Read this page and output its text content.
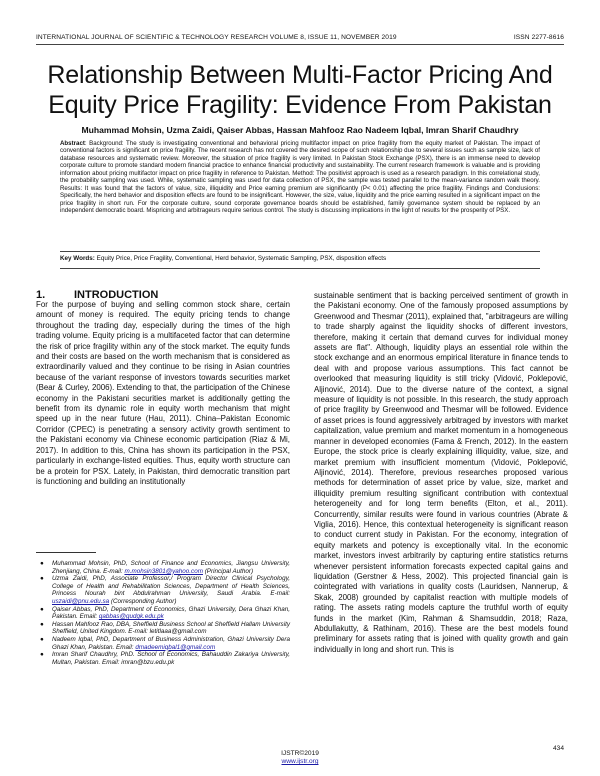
INTERNATIONAL JOURNAL OF SCIENTIFIC & TECHNOLOGY RESEARCH VOLUME 8, ISSUE 11, NOVEMBER 2019	ISSN 2277-8616
Relationship Between Multi-Factor Pricing And Equity Price Fragility: Evidence From Pakistan
Muhammad Mohsin, Uzma Zaidi, Qaiser Abbas, Hassan Mahfooz Rao Nadeem Iqbal, Imran Sharif Chaudhry
Abstract: Background: The study is investigating conventional and behavioral pricing multifactor impact on price fragility from the equity market of Pakistan. The impact of conventional factors is significant on price fragility. The recent research has not covered the desired scope of such relationship due to several issues such as sample size, lack of database resources and systematic review. Moreover, the situation of price fragility is very limited. In Pakistan Stock Exchange (PSX), there is an immense need to develop corporate culture to promote standard modern financial practice to enhance financial productivity and sustainability. The current research framework is valuable and is providing information about pricing multifactor impact on price fragility in reference to Pakistan. Method: The positivist approach is used as a research paradigm. In this correlational study, the probability sampling was used. While, systematic sampling was used for data collection of PSX, the sample was tested parallel to the mean-variance random walk theory. Results: It was found that the factors of value, size, illiquidity and Price earning premium are significantly (P< 0.01) affecting the price fragility. Findings and Conclusions: Specifically, the herd behavior and disposition effects are found to be insignificant. However, the size, value, liquidity and the price earning resulted in a significant impact on the price fragility in short run. For the corporate culture, sound corporate governance boards should be established, family governance system should be replaced by an independent democratic board. Mispricing and arbitrageurs require serious control. The study is discussing implications in the light of results for the prosperity of PSX.
Key Words: Equity Price, Price Fragility, Conventional, Herd behavior, Systematic Sampling, PSX, disposition effects
1.	INTRODUCTION
For the purpose of buying and selling common stock share, certain amount of money is required. The equity pricing tends to change throughout the trading day, especially during the times of the high trading volume. Equity pricing is a multifaceted factor that can determine the risk of price fragility within any of the stock market. The equity funds and their costs are based on the worth mechanism that is considered as extraordinarily valued and they continue to be rising in Asian countries because of the variant response of investors towards securities market (Bear & Curley, 2006). Extending to that, the participation of the Chinese economy in the Pakistani securities market is additionally getting the benefit from its dynamic role in equity worth mechanism that might speed up in the near future (Hau, 2011). China–Pakistan Economic Corridor (CPEC) is penetrating a sensory activity growth sentiment to the Pakistani economy via Chinese economic participation (Riaz & Mi, 2017). In addition to this, China has shown its participation in the PSX, particularly in exchange-listed equities. Thus, equity worth structure can be a protein for PSX. Lately, in Pakistan, third democratic transition part is functioning and building an institutionally
sustainable sentiment that is backing perceived sentiment of growth in the Pakistani economy. One of the famously proposed assumptions by Greenwood and Thesmar (2011), explained that, "arbitrageurs are willing to trade sharply against the liquidity shocks of different investors, therefore, making it certain that demand curves for individual money assets are flat". Although, liquidity plays an essential role within the stock exchange and an enormous empirical literature in finance tends to deal with and propose various assumptions. This fact cannot be overlooked that measuring liquidity is still tricky (Vidović, Poklepović, Aljinović, 2014). Due to the diverse nature of the context, a signal measure of liquidity is not possible. In this research, the study approach of price fragility by Greenwood and Thesmar will be followed. Evidence of asset prices is found aggressively arbitraged by investors with market capitalization, value premium and market momentum in a homogeneous manner in developed economies (Fama & French, 2012). In the eastern Europe, the stock price is clearly explaining illiquidity, value, size, and market premium with insufficient momentum (Vidović, Poklepović, Aljinović, 2014). Therefore, previous researches proposed various methods for determination of asset price by value, size, market and illiquidity premium resulting significant contribution with contextual heterogeneity and for long term benefits (Elton, et al., 2011). Concurrently, similar results were found in various countries (Abrate & Viglia, 2016). Hence, this contextual heterogeneity is significant reason to conduct current study in Pakistan. For the economy, integration of equity markets and potency is exceptionally vital. In the economic market, investors invest arbitrarily by capturing entire statistics returns whenever persistent information forecasts expected capital gains and liquidation (Gerstner & Hess, 2002). This projected financial gain is cointegrated with variations in quality costs (Lauridsen, Nannerup, & Skak, 2008) grounded by capitalist reaction with multiple models of rating. The assets rating models capture the truthful worth of equity funds in the market (Kim, Rahman & Shamsuddin, 2018; Raza, Abdullakutty, & Rathinam, 2016). These are the best models found preliminary for assets rating that is joined with quality growth and gain individually in long and short run. This is
● Muhammad Mohsin, PhD, School of Finance and Economics, Jiangsu University, Zhenjiang, China. E-mail: m.mohsin3801@yahoo.com (Principal Author)
● Uzma Zaidi, PhD, Associate Professor,/ Program Director Clinical Psychology, College of Health and Rehabilitation Sciences, Department of Health Sciences, Princess Nourah bint Abdulrahman University, Saudi Arabia. E-mail: uszaidi@pnu.edu.sa (Corresponding Author)
● Qaiser Abbas, PhD, Department of Economics, Ghazi University, Dera Ghazi Khan, Pakistan. Email: qabbas@gudgk.edu.pk
● Hassan Mahfooz Rao, DBA, Sheffield Business School at Sheffield Hallam University Sheffield, United Kingdom. E-mail: letitlaaa@gmail.com
● Nadeem Iqbal, PhD, Department of Business Administration, Ghazi University Dera Ghazi Khan, Pakistan. Email: dmadeemiqbal1@gmail.com
● Imran Sharif Chaudhry, PhD. School of Economics, Bahauddin Zakariya University, Multan, Pakistan. Email: imran@bzu.edu.pk
434
IJSTR©2019
www.ijstr.org
